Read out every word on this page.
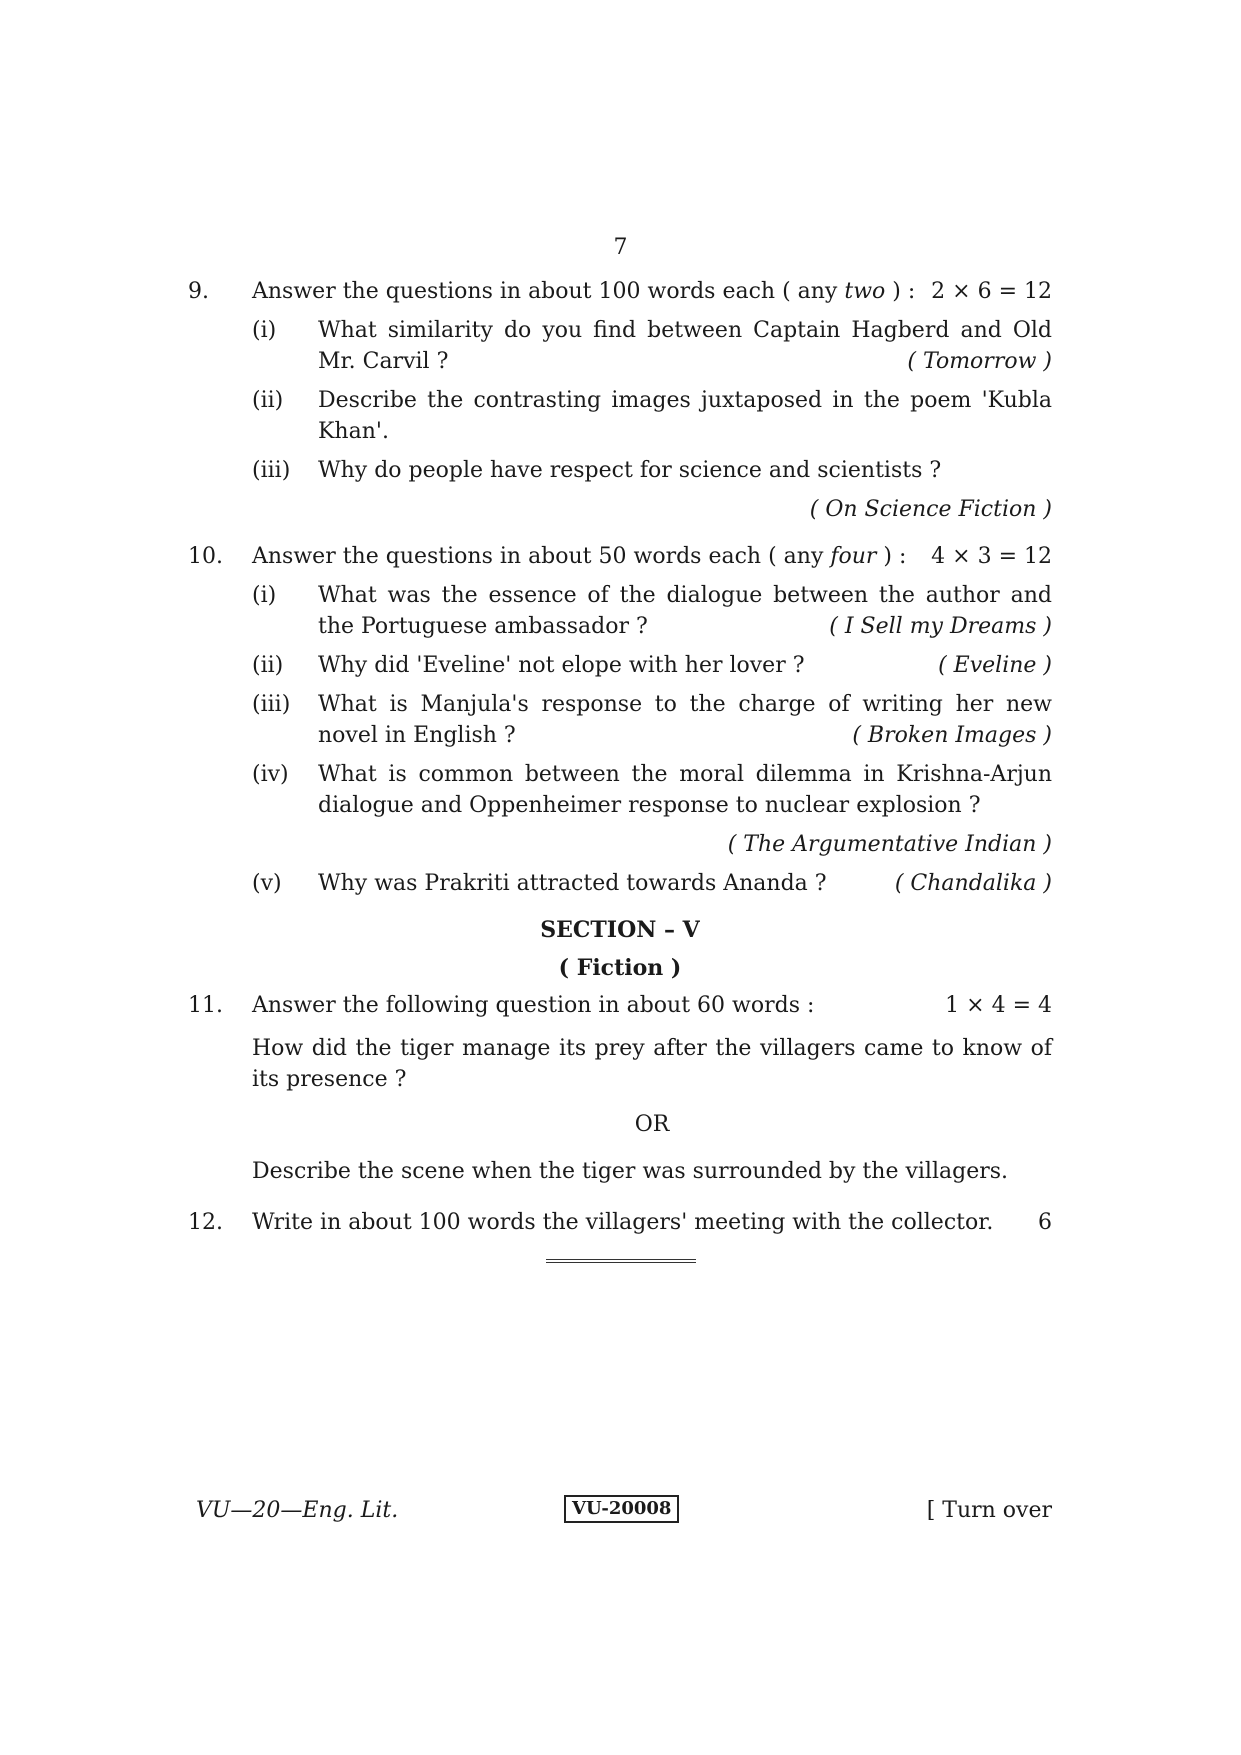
7
9.	Answer the questions in about 100 words each ( any two ) : 2 × 6 = 12
(i)	What similarity do you find between Captain Hagberd and Old Mr. Carvil ?	( Tomorrow )
(ii)	Describe the contrasting images juxtaposed in the poem 'Kubla Khan'.
(iii)	Why do people have respect for science and scientists ?
( On Science Fiction )
10.	Answer the questions in about 50 words each ( any four ) : 4 × 3 = 12
(i)	What was the essence of the dialogue between the author and the Portuguese ambassador ?	( I Sell my Dreams )
(ii)	Why did 'Eveline' not elope with her lover ?	( Eveline )
(iii)	What is Manjula's response to the charge of writing her new novel in English ?	( Broken Images )
(iv)	What is common between the moral dilemma in Krishna-Arjun dialogue and Oppenheimer response to nuclear explosion ?
( The Argumentative Indian )
(v)	Why was Prakriti attracted towards Ananda ?	( Chandalika )
SECTION – V
( Fiction )
11.	Answer the following question in about 60 words :	1 × 4 = 4
How did the tiger manage its prey after the villagers came to know of its presence ?
OR
Describe the scene when the tiger was surrounded by the villagers.
12.	Write in about 100 words the villagers' meeting with the collector. 6
VU—20—Eng. Lit.	VU-20008	[ Turn over
